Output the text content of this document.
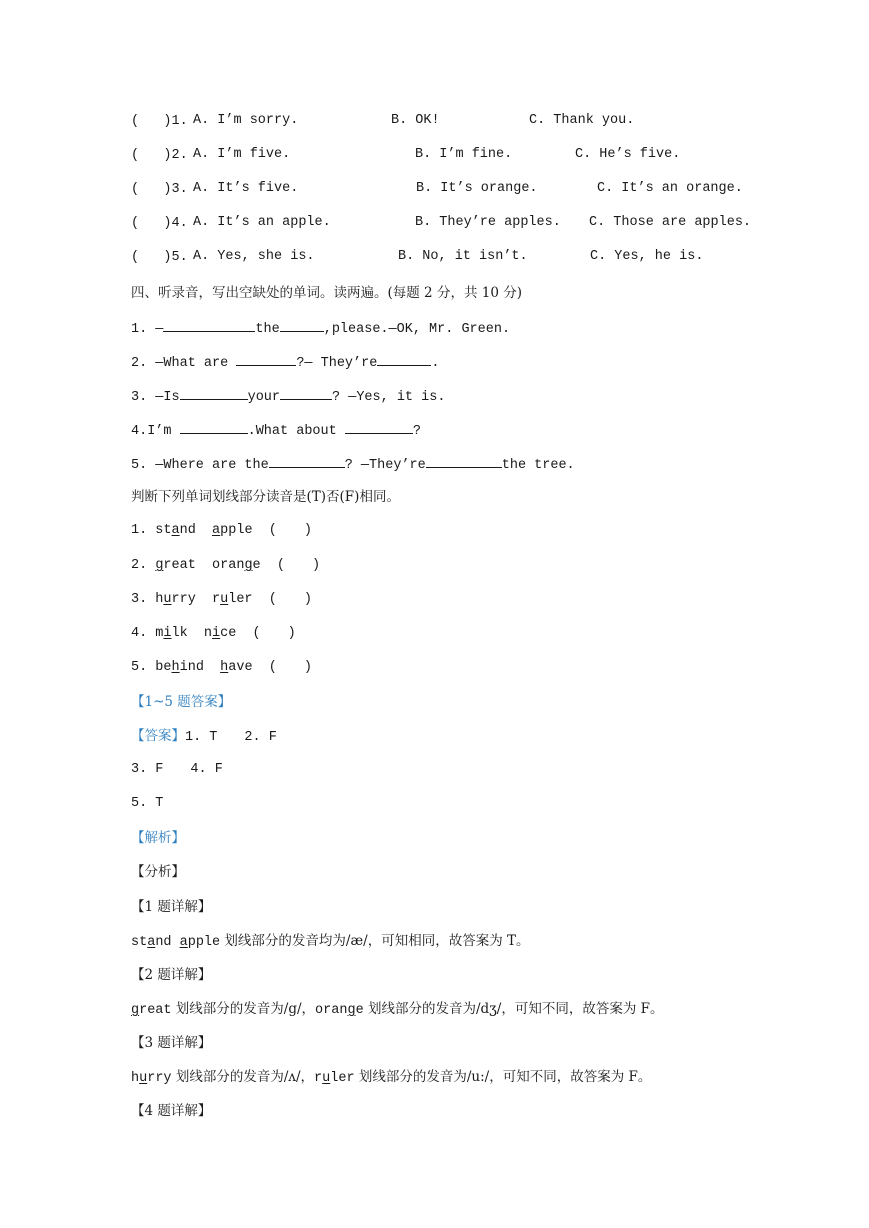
(   )1. A. I’m sorry.	B. OK!	C. Thank you.
(   )2. A. I’m five.	B. I’m fine.	C. He’s five.
(   )3. A. It’s five.	B. It’s orange.	C. It’s an orange.
(   )4. A. It’s an apple.	B. They’re apples. C. Those are apples.
(   )5. A. Yes, she is.	B. No, it isn’t.	C. Yes, he is.
四、听录音，写出空缺处的单词。读两遍。(每题 2 分，共 10 分)
1. —	the	,please.—OK, Mr. Green.
2. —What are	?— They’re	.
3. —Is	your	? —Yes, it is.
4.I’m	.What about	?
5. —Where are the	? —They’re	the tree.
判断下列单词划线部分读音是(T)否(F)相同。
1. stand  apple  (　　)
2. great  orange  (　　)
3. hurry  ruler  (　　)
4. milk  nice  (　　)
5. behind  have  (　　)
【1~5 题答案】
【答案】1. T　　2. F
3. F　　4. F
5. T
【解析】
【分析】
【1 题详解】
stand apple 划线部分的发音均为/æ/，可知相同，故答案为 T。
【2 题详解】
great 划线部分的发音为/g/，orange 划线部分的发音为/dʒ/，可知不同，故答案为 F。
【3 题详解】
hurry 划线部分的发音为/ʌ/，ruler 划线部分的发音为/u:/，可知不同，故答案为 F。
【4 题详解】
